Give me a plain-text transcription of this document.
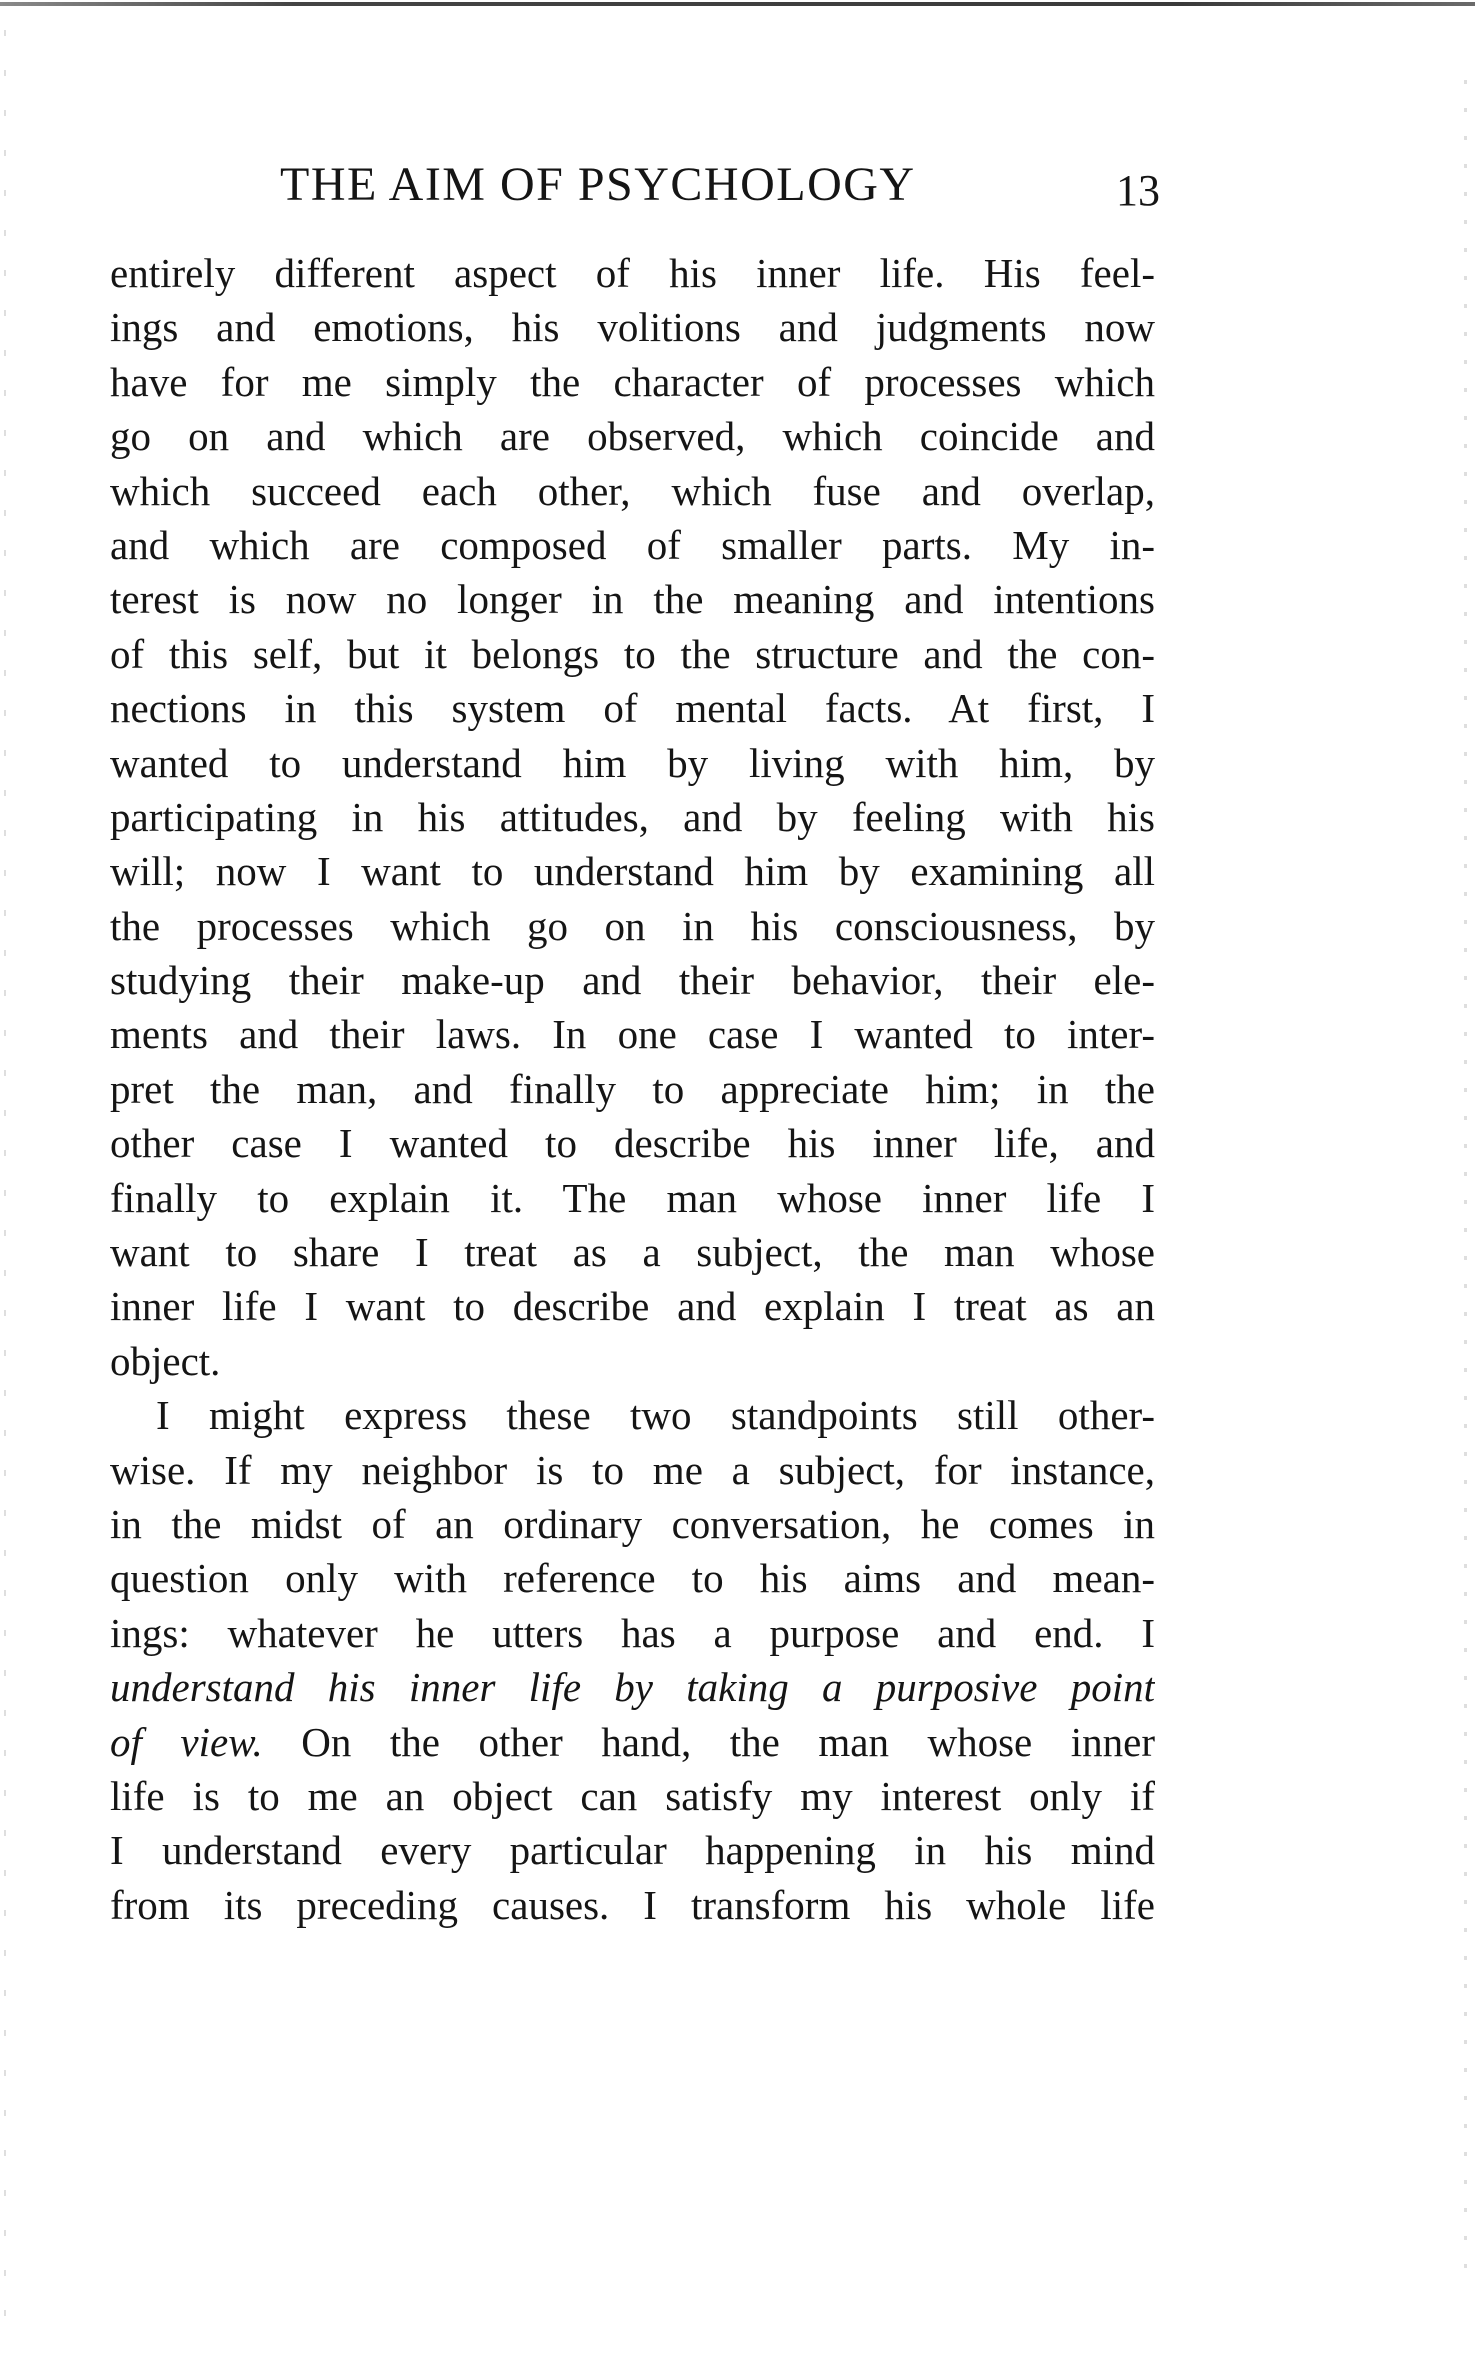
THE AIM OF PSYCHOLOGY	13
entirely different aspect of his inner life. His feel-
ings and emotions, his volitions and judgments now
have for me simply the character of processes which
go on and which are observed, which coincide and
which succeed each other, which fuse and overlap,
and which are composed of smaller parts. My in-
terest is now no longer in the meaning and intentions
of this self, but it belongs to the structure and the con-
nections in this system of mental facts. At first, I
wanted to understand him by living with him, by
participating in his attitudes, and by feeling with his
will; now I want to understand him by examining all
the processes which go on in his consciousness, by
studying their make-up and their behavior, their ele-
ments and their laws. In one case I wanted to inter-
pret the man, and finally to appreciate him; in the
other case I wanted to describe his inner life, and
finally to explain it. The man whose inner life I
want to share I treat as a subject, the man whose
inner life I want to describe and explain I treat as an
object.
I might express these two standpoints still other-
wise. If my neighbor is to me a subject, for instance,
in the midst of an ordinary conversation, he comes in
question only with reference to his aims and mean-
ings: whatever he utters has a purpose and end. I
understand his inner life by taking a purposive point
of view. On the other hand, the man whose inner
life is to me an object can satisfy my interest only if
I understand every particular happening in his mind
from its preceding causes. I transform his whole life
